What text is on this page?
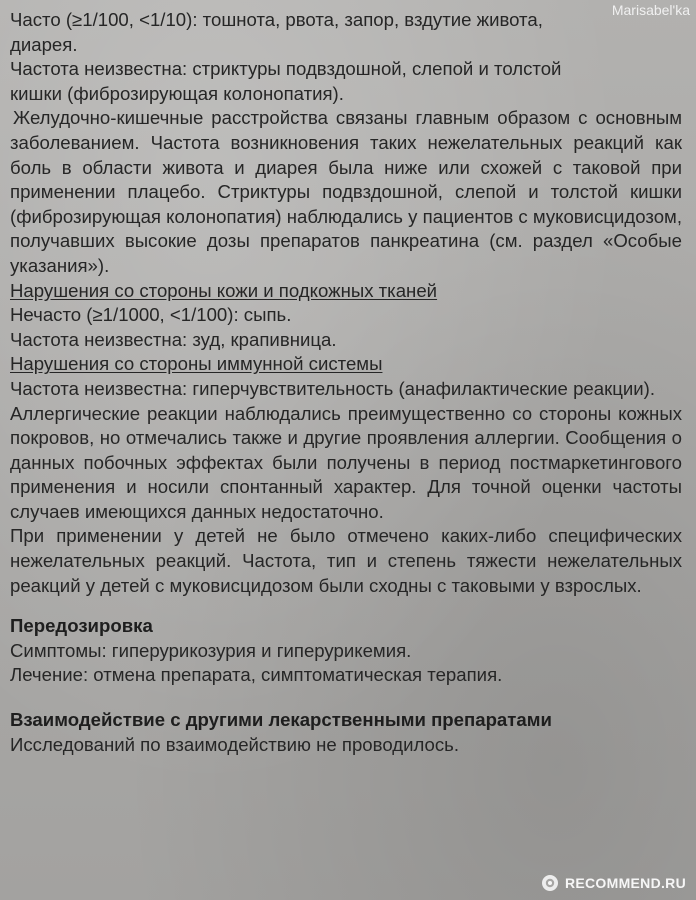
Marisabel'ka

Часто (≥1/100, <1/10): тошнота, рвота, запор, вздутие живота,

диарея.

Частота неизвестна: стриктуры подвздошной, слепой и толстой

кишки (фиброзирующая колонопатия).

Желудочно-кишечные расстройства связаны главным образом с основным заболеванием. Частота возникновения таких нежелательных реакций как боль в области живота и диарея была ниже или схожей с таковой при применении плацебо. Стриктуры подвздошной, слепой и толстой кишки (фиброзирующая колонопатия) наблюдались у пациентов с муковисцидозом, получавших высокие дозы препаратов панкреатина (см. раздел «Особые указания»).

Нарушения со стороны кожи и подкожных тканей

Нечасто (≥1/1000, <1/100): сыпь.

Частота неизвестна: зуд, крапивница.

Нарушения со стороны иммунной системы

Частота неизвестна: гиперчувствительность (анафилактические реакции).

Аллергические реакции наблюдались преимущественно со стороны кожных покровов, но отмечались также и другие проявления аллергии. Сообщения о данных побочных эффектах были получены в период постмаркетингового применения и носили спонтанный характер. Для точной оценки частоты случаев имеющихся данных недостаточно.

При применении у детей не было отмечено каких-либо специфических нежелательных реакций. Частота, тип и степень тяжести нежелательных реакций у детей с муковисцидозом были сходны с таковыми у взрослых.

Передозировка

Симптомы: гиперурикозурия и гиперурикемия.

Лечение: отмена препарата, симптоматическая терапия.

Взаимодействие с другими лекарственными препаратами

Исследований по взаимодействию не проводилось.

RECOMMEND.RU
